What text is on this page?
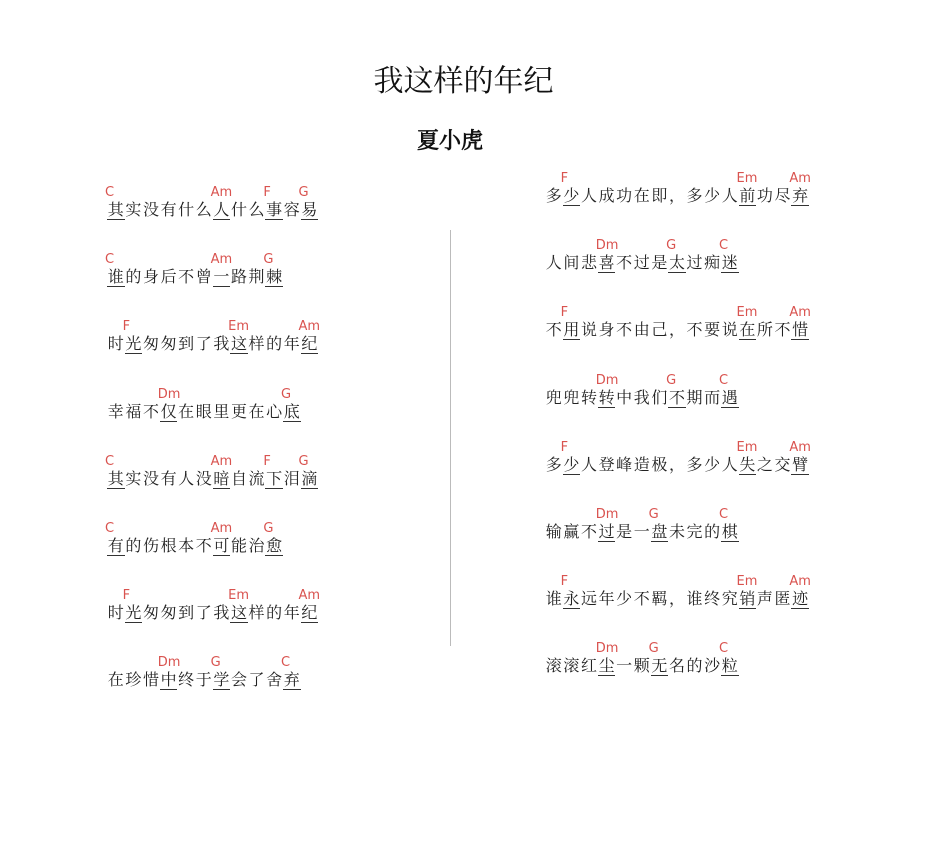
我这样的年纪
夏小虎
其
C
实没有什么人
Am
什么事
F
容易
G
谁
C
的身后不曾一
Am
路荆棘
G
时光
F
匆匆到了我这
Em
样的年纪
Am
幸福不仅
Dm
在眼里更在心底
G
其
C
实没有人没暗
Am
自流下
F
泪滴
G
有
C
的伤根本不可
Am
能治愈
G
时光
F
匆匆到了我这
Em
样的年纪
Am
在珍惜中
Dm
终于学
G
会了舍弃
C
多少
F
人成功在即，多少人前
Em
功尽弃
Am
人间悲喜
Dm
不过是太
G
过痴迷
C
不用
F
说身不由己，不要说在
Em
所不惜
Am
兜兜转转
Dm
中我们不
G
期而遇
C
多少
F
人登峰造极，多少人失
Em
之交臂
Am
输赢不过
Dm
是一盘
G
未完的棋
C
谁永
F
远年少不羁，谁终究销
Em
声匿迹
Am
滚滚红尘
Dm
一颗无
G
名的沙粒
C
